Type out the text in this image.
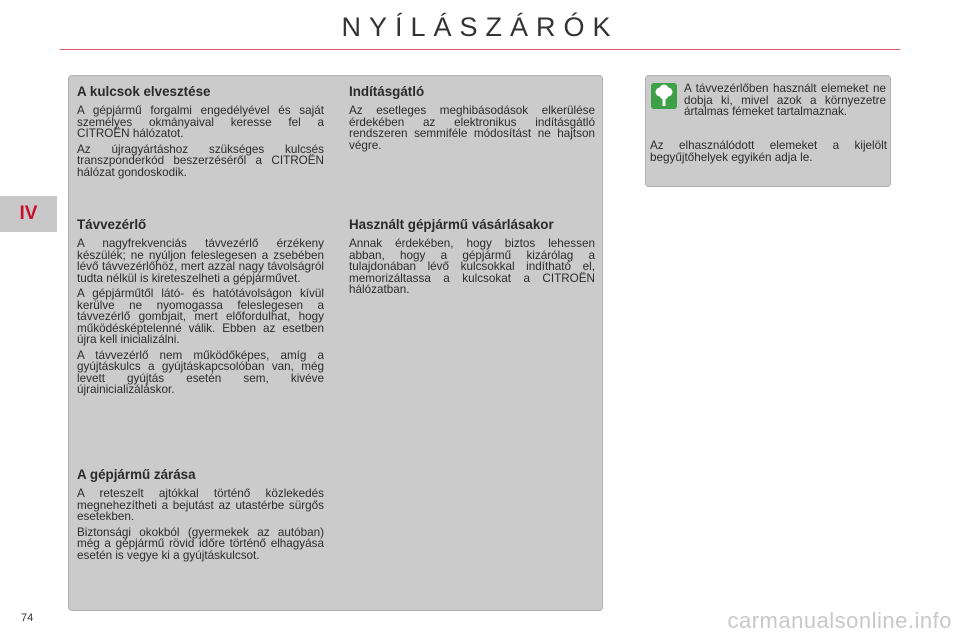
NYÍLÁSZÁRÓK
IV
A kulcsok elvesztése

A gépjármű forgalmi engedélyével és saját személyes okmányaival keresse fel a CITROËN hálózatot.

Az újragyártáshoz szükséges kulcsés transzponderkód beszerzéséről a CITROËN hálózat gondoskodik.

Távvezérlő

A nagyfrekvenciás távvezérlő érzékeny készülék; ne nyúljon feleslegesen a zsebében lévő távvezérlőhöz, mert azzal nagy távolságról tudta nélkül is kireteszelheti a gépjárművet.

A gépjárműtől látó- és hatótávolságon kívül kerülve ne nyomogassa feleslegesen a távvezérlő gombjait, mert előfordulhat, hogy működésképtelenné válik. Ebben az esetben újra kell inicializálni.

A távvezérlő nem működőképes, amíg a gyújtáskulcs a gyújtáskapcsolóban van, még levett gyújtás esetén sem, kivéve újrainicializáláskor.

A gépjármű zárása

A reteszelt ajtókkal történő közlekedés megnehezítheti a bejutást az utastérbe sürgős esetekben.

Biztonsági okokból (gyermekek az autóban) még a gépjármű rövid időre történő elhagyása esetén is vegye ki a gyújtáskulcsot.

Indításgátló

Az esetleges meghibásodások elkerülése érdekében az elektronikus indításgátló rendszeren semmiféle módosítást ne hajtson végre.

Használt gépjármű vásárlásakor

Annak érdekében, hogy biztos lehessen abban, hogy a gépjármű kizárólag a tulajdonában lévő kulcsokkal indítható el, memorizáltassa a kulcsokat a CITROËN hálózatban.

A távvezérlőben használt elemeket ne dobja ki, mivel azok a környezetre ártalmas fémeket tartalmaznak.

Az elhasználódott elemeket a kijelölt begyűjtőhelyek egyikén adja le.

74	carmanualsonline.info
